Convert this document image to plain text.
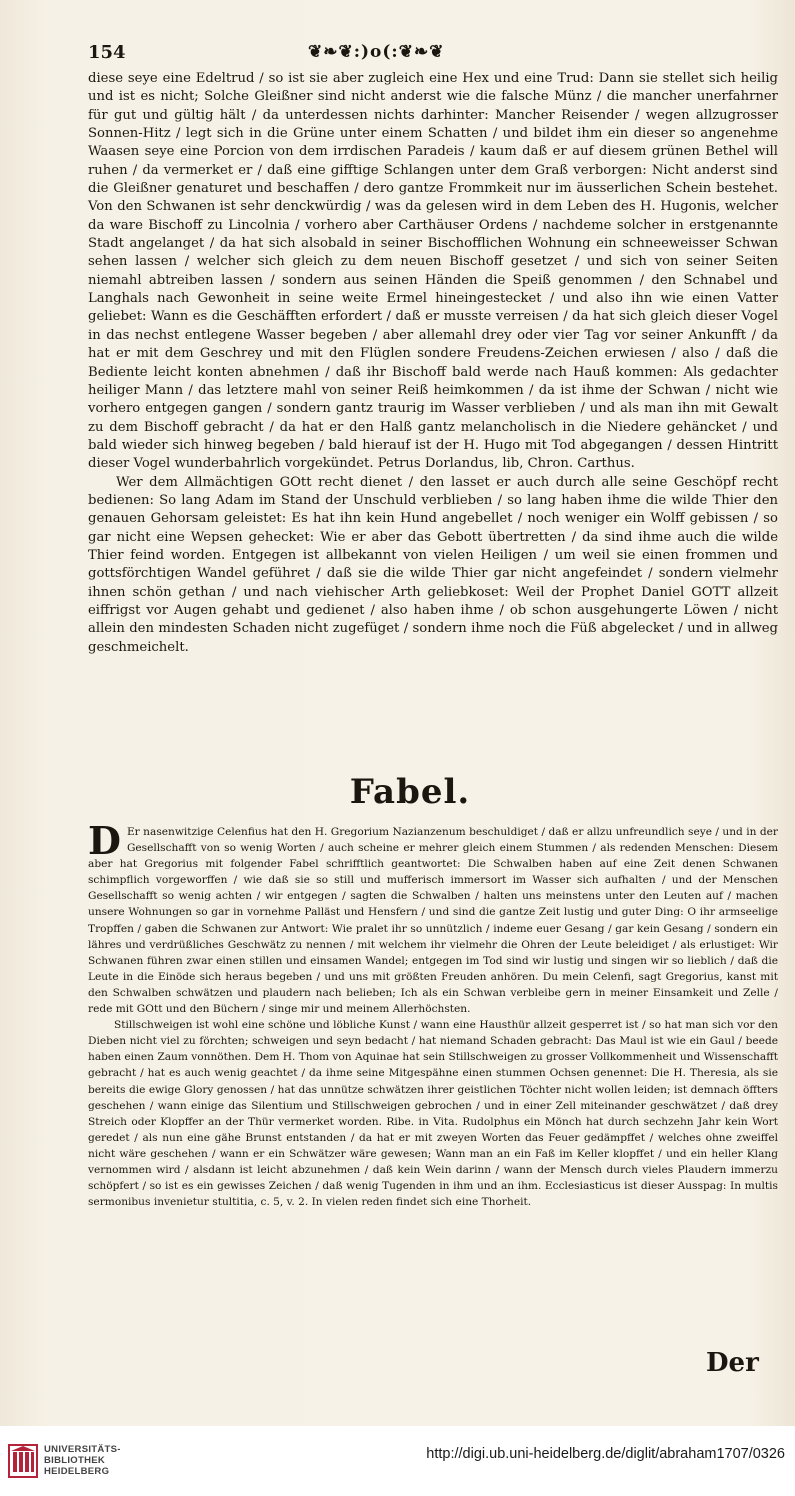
154	❦❧❦:)o(:❦❧❦

diese seye eine Edeltrud / so ist sie aber zugleich eine Hex und eine Trud: Dann sie stellet sich heilig und ist es nicht; Solche Gleißner sind nicht anderst wie die falsche Münz / die mancher unerfahrner für gut und gültig hält / da unterdessen nichts darhinter: Mancher Reisender / wegen allzugrosser Sonnen-Hitz / legt sich in die Grüne unter einem Schatten / und bildet ihm ein dieser so angenehme Waasen seye eine Porcion von dem irrdischen Paradeis / kaum daß er auf diesem grünen Bethel will ruhen / da vermerket er / daß eine gifftige Schlangen unter dem Graß verborgen: Nicht anderst sind die Gleißner genaturet und beschaffen / dero gantze Frommkeit nur im äusserlichen Schein bestehet. Von den Schwanen ist sehr denckwürdig / was da gelesen wird in dem Leben des H. Hugonis, welcher da ware Bischoff zu Lincolnia / vorhero aber Carthäuser Ordens / nachdeme solcher in erstgenannte Stadt angelanget / da hat sich alsobald in seiner Bischofflichen Wohnung ein schneeweisser Schwan sehen lassen / welcher sich gleich zu dem neuen Bischoff gesetzet / und sich von seiner Seiten niemahl abtreiben lassen / sondern aus seinen Händen die Speiß genommen / den Schnabel und Langhals nach Gewonheit in seine weite Ermel hineingestecket / und also ihn wie einen Vatter geliebet: Wann es die Geschäfften erfordert / daß er musste verreisen / da hat sich gleich dieser Vogel in das nechst entlegene Wasser begeben / aber allemahl drey oder vier Tag vor seiner Ankunfft / da hat er mit dem Geschrey und mit den Flüglen sondere Freudens-Zeichen erwiesen / also / daß die Bediente leicht konten abnehmen / daß ihr Bischoff bald werde nach Hauß kommen: Als gedachter heiliger Mann / das letztere mahl von seiner Reiß heimkommen / da ist ihme der Schwan / nicht wie vorhero entgegen gangen / sondern gantz traurig im Wasser verblieben / und als man ihn mit Gewalt zu dem Bischoff gebracht / da hat er den Halß gantz melancholisch in die Niedere gehäncket / und bald wieder sich hinweg begeben / bald hierauf ist der H. Hugo mit Tod abgegangen / dessen Hintritt dieser Vogel wunderbahrlich vorgekündet. Petrus Dorlandus, lib, Chron. Carthus.

Wer dem Allmächtigen GOtt recht dienet / den lasset er auch durch alle seine Geschöpf recht bedienen: So lang Adam im Stand der Unschuld verblieben / so lang haben ihme die wilde Thier den genauen Gehorsam geleistet: Es hat ihn kein Hund angebellet / noch weniger ein Wolff gebissen / so gar nicht eine Wepsen gehecket: Wie er aber das Gebott übertretten / da sind ihme auch die wilde Thier feind worden. Entgegen ist allbekannt von vielen Heiligen / um weil sie einen frommen und gottsförchtigen Wandel geführet / daß sie die wilde Thier gar nicht angefeindet / sondern vielmehr ihnen schön gethan / und nach viehischer Arth geliebkoset: Weil der Prophet Daniel GOTT allzeit eiffrigst vor Augen gehabt und gedienet / also haben ihme / ob schon ausgehungerte Löwen / nicht allein den mindesten Schaden nicht zugefüget / sondern ihme noch die Füß abgelecket / und in allweg geschmeichelt.

Fabel.

D Er nasenwitzige Celenfius hat den H. Gregorium Nazianzenum beschuldiget / daß er allzu unfreundlich seye / und in der Gesellschafft von so wenig Worten / auch scheine er mehrer gleich einem Stummen / als redenden Menschen: Diesem aber hat Gregorius mit folgender Fabel schrifftlich geantwortet: Die Schwalben haben auf eine Zeit denen Schwanen schimpflich vorgeworffen / wie daß sie so still und mufferisch immersort im Wasser sich aufhalten / und der Menschen Gesellschafft so wenig achten / wir entgegen / sagten die Schwalben / halten uns meinstens unter den Leuten auf / machen unsere Wohnungen so gar in vornehme Palläst und Hensfern / und sind die gantze Zeit lustig und guter Ding: O ihr armseelige Tropffen / gaben die Schwanen zur Antwort: Wie pralet ihr so unnützlich / indeme euer Gesang / gar kein Gesang / sondern ein lähres und verdrüßliches Geschwätz zu nennen / mit welchem ihr vielmehr die Ohren der Leute beleidiget / als erlustiget: Wir Schwanen führen zwar einen stillen und einsamen Wandel; entgegen im Tod sind wir lustig und singen wir so lieblich / daß die Leute in die Einöde sich heraus begeben / und uns mit größten Freuden anhören. Du mein Celenfi, sagt Gregorius, kanst mit den Schwalben schwätzen und plaudern nach belieben; Ich als ein Schwan verbleibe gern in meiner Einsamkeit und Zelle / rede mit GOtt und den Büchern / singe mir und meinem Allerhöchsten.

Stillschweigen ist wohl eine schöne und löbliche Kunst / wann eine Hausthür allzeit gesperret ist / so hat man sich vor den Dieben nicht viel zu förchten; schweigen und seyn bedacht / hat niemand Schaden gebracht: Das Maul ist wie ein Gaul / beede haben einen Zaum vonnöthen. Dem H. Thom von Aquinae hat sein Stillschweigen zu grosser Vollkommenheit und Wissenschafft gebracht / hat es auch wenig geachtet / da ihme seine Mitgespähne einen stummen Ochsen genennet: Die H. Theresia, als sie bereits die ewige Glory genossen / hat das unnütze schwätzen ihrer geistlichen Töchter nicht wollen leiden; ist demnach öffters geschehen / wann einige das Silentium und Stillschweigen gebrochen / und in einer Zell miteinander geschwätzet / daß drey Streich oder Klopffer an der Thür vermerket worden. Ribe. in Vita. Rudolphus ein Mönch hat durch sechzehn Jahr kein Wort geredet / als nun eine gähe Brunst entstanden / da hat er mit zweyen Worten das Feuer gedämpffet / welches ohne zweiffel nicht wäre geschehen / wann er ein Schwätzer wäre gewesen; Wann man an ein Faß im Keller klopffet / und ein heller Klang vernommen wird / alsdann ist leicht abzunehmen / daß kein Wein darinn / wann der Mensch durch vieles Plaudern immerzu schöpfert / so ist es ein gewisses Zeichen / daß wenig Tugenden in ihm und an ihm. Ecclesiasticus ist dieser Ausspag: In multis sermonibus invenietur stultitia, c. 5, v. 2. In vielen reden findet sich eine Thorheit.

Der
UNIVERSITÄTS-
BIBLIOTHEK
HEIDELBERG
http://digi.ub.uni-heidelberg.de/diglit/abraham1707/0326
